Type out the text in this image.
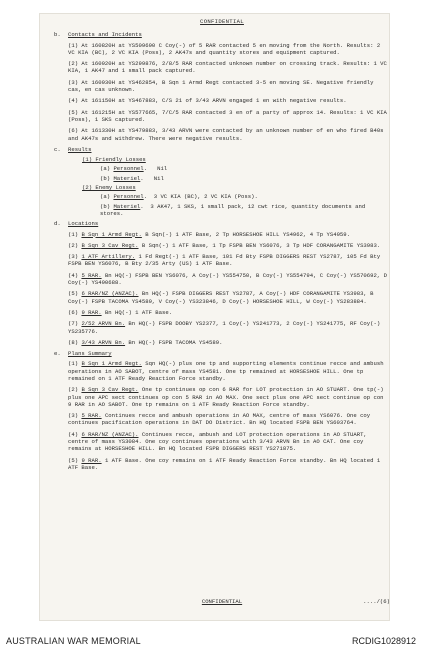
CONFIDENTIAL
b. Contacts and Incidents
(1) At 160820H at YS509690 C Coy(-) of 5 RAR contacted 5 en moving from the North. Results: 2 VC KIA (BC), 2 VC KIA (Poss), 2 AK47s and quantity stores and equipment captured.
(2) At 160920H at YS299876, 2/8/5 RAR contacted unknown number on crossing track. Results: 1 VC KIA, 1 AK47 and 1 small pack captured.
(3) At 160930H at YS462854, B Sqn 1 Armd Regt contacted 3-5 en moving SE. Negative friendly cas, en cas unknown.
(4) At 161150H at YS467883, C/S 21 of 3/43 ARVN engaged 1 en with negative results.
(5) At 161215H at YS577665, 7/C/5 RAR contacted 3 en of a party of approx 14. Results: 1 VC KIA (Poss), 1 SKS captured.
(6) At 161330H at YS479883, 3/43 ARVN were contacted by an unknown number of en who fired B40s and AK47s and withdrew. There were negative results.
c. Results
(1) Friendly Losses
(a) Personnel.   Nil
(b) Materiel.   Nil
(2) Enemy Losses
(a) Personnel.  3 VC KIA (BC), 2 VC KIA (Poss).
(b) Materiel.  3 AK47, 1 SKS, 1 small pack, 12 cwt rice, quantity documents and stores.
d. Locations
(1) B Sqn 1 Armd Regt. B Sqn(-) 1 ATF Base, 2 Tp HORSESHOE HILL YS4962, 4 Tp YS4959.
(2) B Sqn 3 Cav Regt. B Sqn(-) 1 ATF Base, 1 Tp FSPB BEN YS6076, 3 Tp HDF CORANGAMITE YS3983.
(3) 1 ATF Artillery. 1 Fd Regt(-) 1 ATF Base, 101 Fd Bty FSPB DIGGERS REST YS2787, 105 Fd Bty FSPB BEN YS6076, B Bty 2/35 Arty (US) 1 ATF Base.
(4) 5 RAR. Bn HQ(-) FSPB BEN YS6076, A Coy(-) YS554750, B Coy(-) YS554794, C Coy(-) YS570692, D Coy(-) YS490688.
(5) 6 RAR/NZ (ANZAC). Bn HQ(-) FSPB DIGGERS REST YS2787, A Coy(-) HDF CORANGAMITE YS3983, B Coy(-) FSPB TACOMA YS4589, V Coy(-) YS323846, D Coy(-) HORSESHOE HILL, W Coy(-) YS283884.
(6) 9 RAR. Bn HQ(-) 1 ATF Base.
(7) 2/52 ARVN Bn. Bn HQ(-) FSPB DOOBY YS2377, 1 Coy(-) YS241773, 2 Coy(-) YS241775, RF Coy(-) YS235776.
(8) 3/43 ARVN Bn. Bn HQ(-) FSPB TACOMA YS4589.
e. Plans Summary
(1) B Sqn 1 Armd Regt. Sqn HQ(-) plus one tp and supporting elements continue recce and ambush operations in AO SABOT, centre of mass YS4581. One tp remained at HORSESHOE HILL. One tp remained on 1 ATF Ready Reaction Force standby.
(2) B Sqn 3 Cav Regt. One tp continues op con 6 RAR for LOT protection in AO STUART. One tp(-) plus one APC sect continues op con 5 RAR in AO MAX. One sect plus one APC sect continue op con 9 RAR in AO SABOT. One tp remains on 1 ATF Ready Reaction Force standby.
(3) 5 RAR. Continues recce and ambush operations in AO MAX, centre of mass YS6076. One coy continues pacification operations in DAT DO District. Bn HQ located FSPB BEN YS603764.
(4) 6 RAR/NZ (ANZAC). Continues recce, ambush and LOT protection operations in AO STUART, centre of mass YS3084. One coy continues operations with 3/43 ARVN Bn in AO CAT. One coy remains at HORSESHOE HILL. Bn HQ located FSPB DIGGERS REST YS271875.
(5) 9 RAR. 1 ATF Base. One coy remains on 1 ATF Ready Reaction Force standby. Bn HQ located 1 ATF Base.
CONFIDENTIAL	..../(6)
AUSTRALIAN WAR MEMORIAL	RCDIG1028912
